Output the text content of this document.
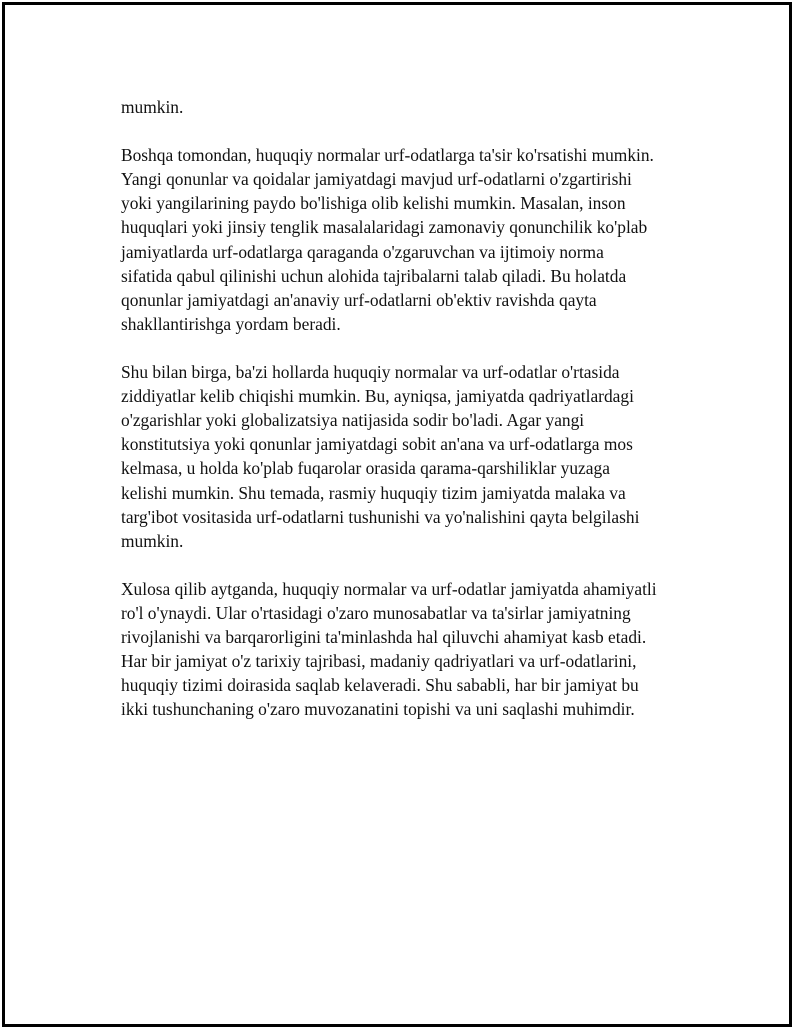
mumkin.

Boshqa tomondan, huquqiy normalar urf-odatlarga ta'sir ko'rsatishi mumkin.
Yangi qonunlar va qoidalar jamiyatdagi mavjud urf-odatlarni o'zgartirishi
yoki yangilarining paydo bo'lishiga olib kelishi mumkin. Masalan, inson
huquqlari yoki jinsiy tenglik masalalaridagi zamonaviy qonunchilik ko'plab
jamiyatlarda urf-odatlarga qaraganda o'zgaruvchan va ijtimoiy norma
sifatida qabul qilinishi uchun alohida tajribalarni talab qiladi. Bu holatda
qonunlar jamiyatdagi an'anaviy urf-odatlarni ob'ektiv ravishda qayta
shakllantirishga yordam beradi.

Shu bilan birga, ba'zi hollarda huquqiy normalar va urf-odatlar o'rtasida
ziddiyatlar kelib chiqishi mumkin. Bu, ayniqsa, jamiyatda qadriyatlardagi
o'zgarishlar yoki globalizatsiya natijasida sodir bo'ladi. Agar yangi
konstitutsiya yoki qonunlar jamiyatdagi sobit an'ana va urf-odatlarga mos
kelmasa, u holda ko'plab fuqarolar orasida qarama-qarshiliklar yuzaga
kelishi mumkin. Shu temada, rasmiy huquqiy tizim jamiyatda malaka va
targ'ibot vositasida urf-odatlarni tushunishi va yo'nalishini qayta belgilashi
mumkin.

Xulosa qilib aytganda, huquqiy normalar va urf-odatlar jamiyatda ahamiyatli
ro'l o'ynaydi. Ular o'rtasidagi o'zaro munosabatlar va ta'sirlar jamiyatning
rivojlanishi va barqarorligini ta'minlashda hal qiluvchi ahamiyat kasb etadi.
Har bir jamiyat o'z tarixiy tajribasi, madaniy qadriyatlari va urf-odatlarini,
huquqiy tizimi doirasida saqlab kelaveradi. Shu sababli, har bir jamiyat bu
ikki tushunchaning o'zaro muvozanatini topishi va uni saqlashi muhimdir.
